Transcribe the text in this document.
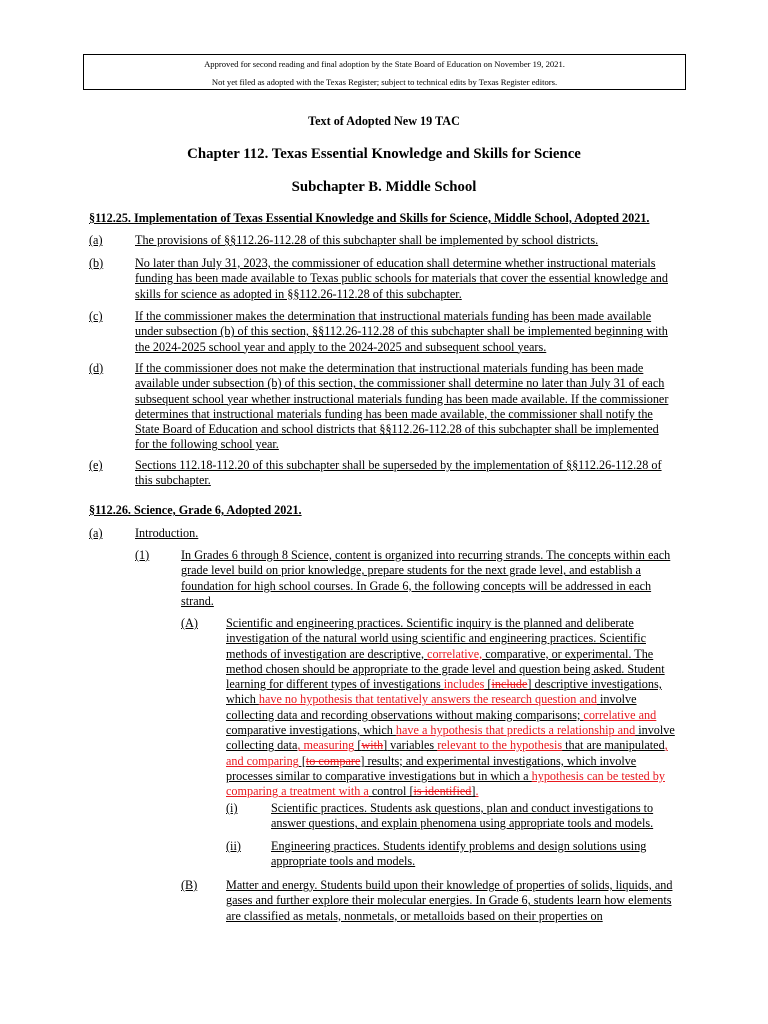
Approved for second reading and final adoption by the State Board of Education on November 19, 2021.
Not yet filed as adopted with the Texas Register; subject to technical edits by Texas Register editors.
Text of Adopted New 19 TAC
Chapter 112. Texas Essential Knowledge and Skills for Science
Subchapter B. Middle School
§112.25. Implementation of Texas Essential Knowledge and Skills for Science, Middle School, Adopted 2021.
(a)	The provisions of §§112.26-112.28 of this subchapter shall be implemented by school districts.
(b)	No later than July 31, 2023, the commissioner of education shall determine whether instructional materials funding has been made available to Texas public schools for materials that cover the essential knowledge and skills for science as adopted in §§112.26-112.28 of this subchapter.
(c)	If the commissioner makes the determination that instructional materials funding has been made available under subsection (b) of this section, §§112.26-112.28 of this subchapter shall be implemented beginning with the 2024-2025 school year and apply to the 2024-2025 and subsequent school years.
(d)	If the commissioner does not make the determination that instructional materials funding has been made available under subsection (b) of this section, the commissioner shall determine no later than July 31 of each subsequent school year whether instructional materials funding has been made available. If the commissioner determines that instructional materials funding has been made available, the commissioner shall notify the State Board of Education and school districts that §§112.26-112.28 of this subchapter shall be implemented for the following school year.
(e)	Sections 112.18-112.20 of this subchapter shall be superseded by the implementation of §§112.26-112.28 of this subchapter.
§112.26. Science, Grade 6, Adopted 2021.
(a)	Introduction.
(1)	In Grades 6 through 8 Science, content is organized into recurring strands. The concepts within each grade level build on prior knowledge, prepare students for the next grade level, and establish a foundation for high school courses. In Grade 6, the following concepts will be addressed in each strand.
(A) Scientific and engineering practices. Scientific inquiry is the planned and deliberate investigation of the natural world using scientific and engineering practices. Scientific methods of investigation are descriptive, correlative, comparative, or experimental. The method chosen should be appropriate to the grade level and question being asked. Student learning for different types of investigations includes [include] descriptive investigations, which have no hypothesis that tentatively answers the research question and involve collecting data and recording observations without making comparisons; correlative and comparative investigations, which have a hypothesis that predicts a relationship and involve collecting data, measuring [with] variables relevant to the hypothesis that are manipulated, and comparing [to compare] results; and experimental investigations, which involve processes similar to comparative investigations but in which a hypothesis can be tested by comparing a treatment with a control [is identified].
(i)	Scientific practices. Students ask questions, plan and conduct investigations to answer questions, and explain phenomena using appropriate tools and models.
(ii) Engineering practices. Students identify problems and design solutions using appropriate tools and models.
(B) Matter and energy. Students build upon their knowledge of properties of solids, liquids, and gases and further explore their molecular energies. In Grade 6, students learn how elements are classified as metals, nonmetals, or metalloids based on their properties on
